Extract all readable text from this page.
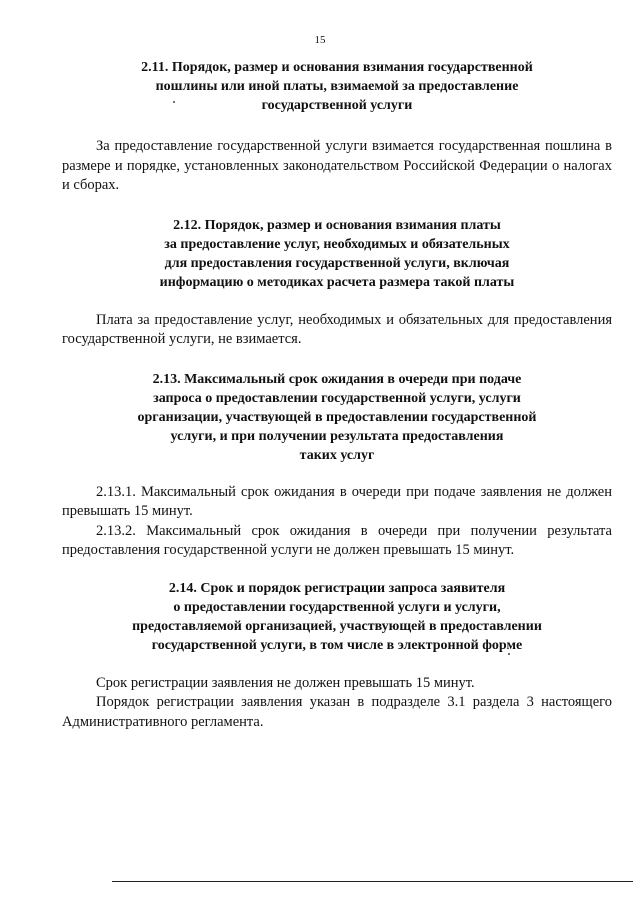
15
2.11. Порядок, размер и основания взимания государственной
пошлины или иной платы, взимаемой за предоставление
государственной услуги

За предоставление государственной услуги взимается государственная пошлина в размере и порядке, установленных законодательством Российской Федерации о налогах и сборах.

2.12. Порядок, размер и основания взимания платы
за предоставление услуг, необходимых и обязательных
для предоставления государственной услуги, включая
информацию о методиках расчета размера такой платы

Плата за предоставление услуг, необходимых и обязательных для предоставления государственной услуги, не взимается.

2.13. Максимальный срок ожидания в очереди при подаче
запроса о предоставлении государственной услуги, услуги
организации, участвующей в предоставлении государственной
услуги, и при получении результата предоставления
таких услуг

2.13.1. Максимальный срок ожидания в очереди при подаче заявления не должен превышать 15 минут.

2.13.2. Максимальный срок ожидания в очереди при получении результата предоставления государственной услуги не должен превышать 15 минут.

2.14. Срок и порядок регистрации запроса заявителя
о предоставлении государственной услуги и услуги,
предоставляемой организацией, участвующей в предоставлении
государственной услуги, в том числе в электронной форме

Срок регистрации заявления не должен превышать 15 минут.

Порядок регистрации заявления указан в подразделе 3.1 раздела 3 настоящего Административного регламента.
